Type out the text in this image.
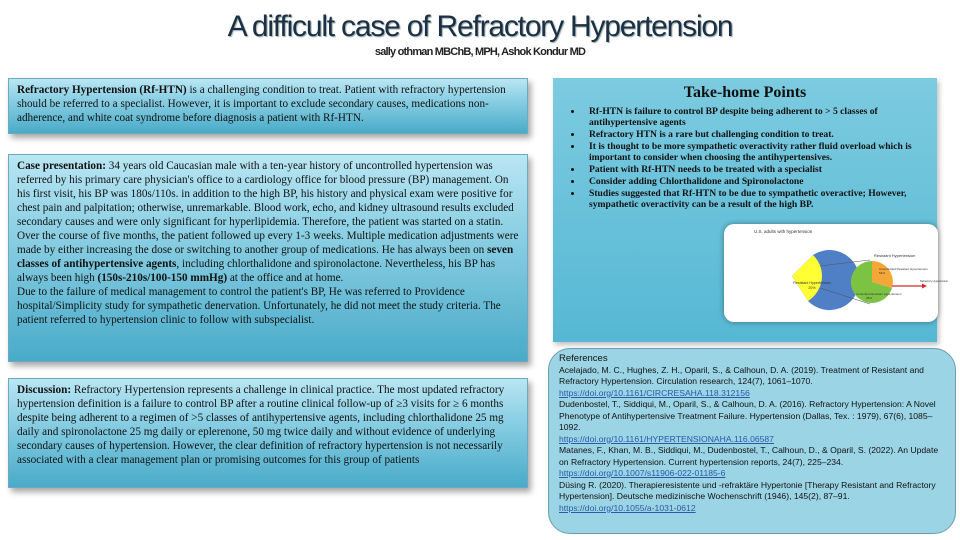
A difficult case of Refractory Hypertension
sally othman MBChB, MPH, Ashok Kondur MD

Refractory Hypertension (Rf-HTN) is a challenging condition to treat. Patient with refractory hypertension should be referred to a specialist. However, it is important to exclude secondary causes, medications non-adherence, and white coat syndrome before diagnosis a patient with Rf-HTN.

Case presentation: 34 years old Caucasian male with a ten-year history of uncontrolled hypertension was referred by his primary care physician's office to a cardiology office for blood pressure (BP) management. On his first visit, his BP was 180s/110s. in addition to the high BP, his history and physical exam were positive for chest pain and palpitation; otherwise, unremarkable. Blood work, echo, and kidney ultrasound results excluded secondary causes and were only significant for hyperlipidemia. Therefore, the patient was started on a statin. Over the course of five months, the patient followed up every 1-3 weeks. Multiple medication adjustments were made by either increasing the dose or switching to another group of medications. He has always been on seven classes of antihypertensive agents, including chlorthalidone and spironolactone. Nevertheless, his BP has always been high (150s-210s/100-150 mmHg) at the office and at home.

Due to the failure of medical management to control the patient's BP, He was referred to Providence hospital/Simplicity study for sympathetic denervation. Unfortunately, he did not meet the study criteria. The patient referred to hypertension clinic to follow with subspecialist.

Discussion: Refractory Hypertension represents a challenge in clinical practice. The most updated refractory hypertension definition is a failure to control BP after a routine clinical follow-up of ≥3 visits for ≥ 6 months despite being adherent to a regimen of >5 classes of antihypertensive agents, including chlorthalidone 25 mg daily and spironolactone 25 mg daily or eplerenone, 50 mg twice daily and without evidence of underlying secondary causes of hypertension. However, the clear definition of refractory hypertension is not necessarily associated with a clear management plan or promising outcomes for this group of patients

Take-home Points
• Rf-HTN is failure to control BP despite being adherent to > 5 classes of antihypertensive agents
• Refractory HTN is a rare but challenging condition to treat.
• It is thought to be more sympathetic overactivity rather fluid overload which is important to consider when choosing the antihypertensives.
• Patient with Rf-HTN needs to be treated with a specialist
• Consider adding Chlorthalidone and Spironolactone
• Studies suggested that Rf-HTN to be due to sympathetic overactive; However, sympathetic overactivity can be a result of the high BP.
U.S. adults with hypertension
Resistant Hypertension
20%
Resistant Hypertension
Uncontrolled Resistant Hypertension
54%
Controlled Resistant Hypertension
46%
Refractory Hypertension

References

Acelajado, M. C., Hughes, Z. H., Oparil, S., & Calhoun, D. A. (2019). Treatment of Resistant and Refractory Hypertension. Circulation research, 124(7), 1061–1070.

https://doi.org/10.1161/CIRCRESAHA.118.312156

Dudenbostel, T., Siddiqui, M., Oparil, S., & Calhoun, D. A. (2016). Refractory Hypertension: A Novel Phenotype of Antihypertensive Treatment Failure. Hypertension (Dallas, Tex. : 1979), 67(6), 1085–1092.

https://doi.org/10.1161/HYPERTENSIONAHA.116.06587

Matanes, F., Khan, M. B., Siddiqui, M., Dudenbostel, T., Calhoun, D., & Oparil, S. (2022). An Update on Refractory Hypertension. Current hypertension reports, 24(7), 225–234.

https://doi.org/10.1007/s11906-022-01185-6

Düsing R. (2020). Therapieresistente und -refraktäre Hypertonie [Therapy Resistant and Refractory Hypertension]. Deutsche medizinische Wochenschrift (1946), 145(2), 87–91. https://doi.org/10.1055/a-1031-0612
